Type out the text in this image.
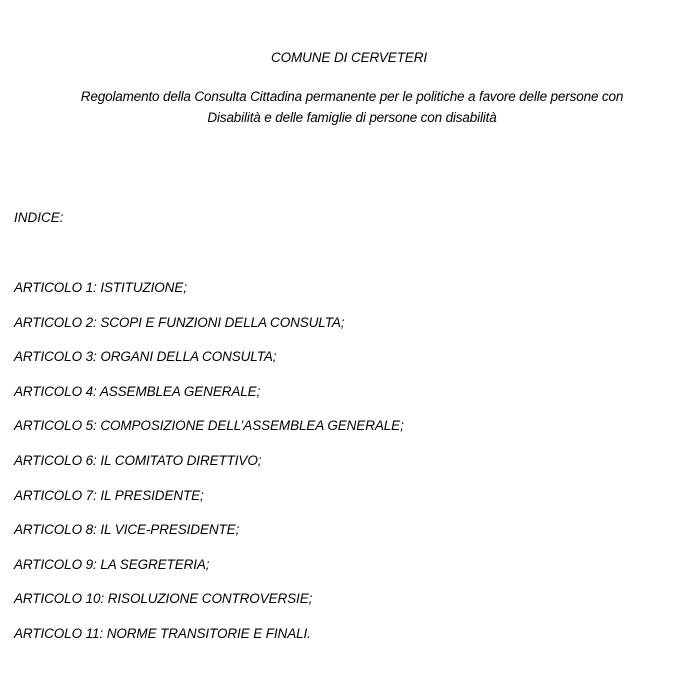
COMUNE DI CERVETERI
Regolamento della Consulta Cittadina permanente per le politiche a favore delle persone con
Disabilità e delle famiglie di persone con disabilità
INDICE:
ARTICOLO 1: ISTITUZIONE;
ARTICOLO 2: SCOPI E FUNZIONI DELLA CONSULTA;
ARTICOLO 3: ORGANI DELLA CONSULTA;
ARTICOLO 4: ASSEMBLEA GENERALE;
ARTICOLO 5: COMPOSIZIONE DELL’ASSEMBLEA GENERALE;
ARTICOLO 6: IL COMITATO DIRETTIVO;
ARTICOLO 7: IL PRESIDENTE;
ARTICOLO 8: IL VICE-PRESIDENTE;
ARTICOLO 9: LA SEGRETERIA;
ARTICOLO 10: RISOLUZIONE CONTROVERSIE;
ARTICOLO 11: NORME TRANSITORIE E FINALI.
